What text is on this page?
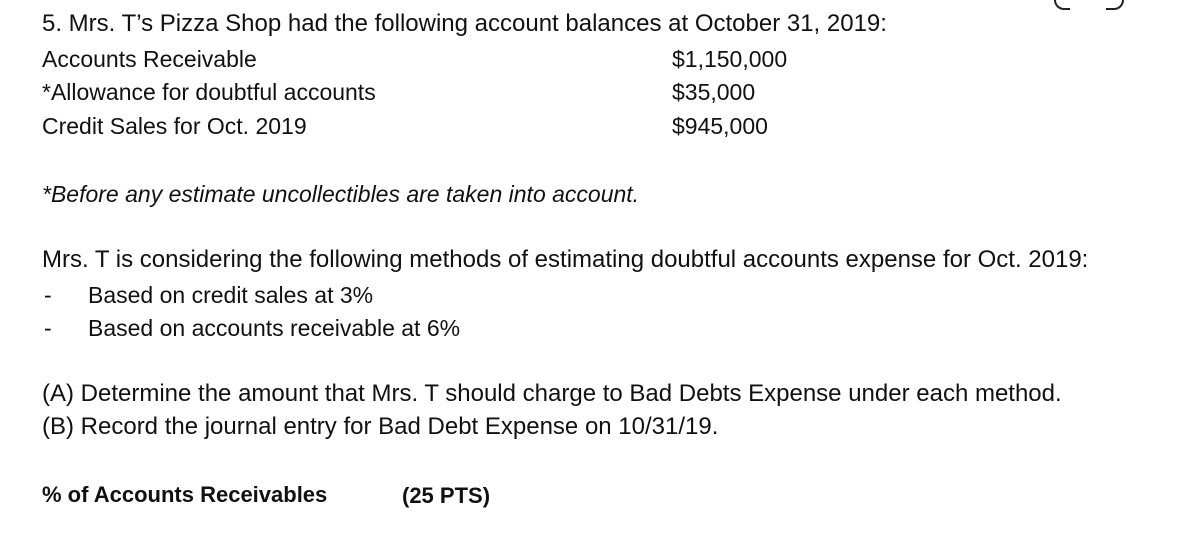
5. Mrs. T’s Pizza Shop had the following account balances at October 31, 2019:
Accounts Receivable	$1,150,000
*Allowance for doubtful accounts	$35,000
Credit Sales for Oct. 2019	$945,000
*Before any estimate uncollectibles are taken into account.
Mrs. T is considering the following methods of estimating doubtful accounts expense for Oct. 2019:
- Based on credit sales at 3%
- Based on accounts receivable at 6%
(A) Determine the amount that Mrs. T should charge to Bad Debts Expense under each method.
(B) Record the journal entry for Bad Debt Expense on 10/31/19.
% of Accounts Receivables	(25 PTS)
